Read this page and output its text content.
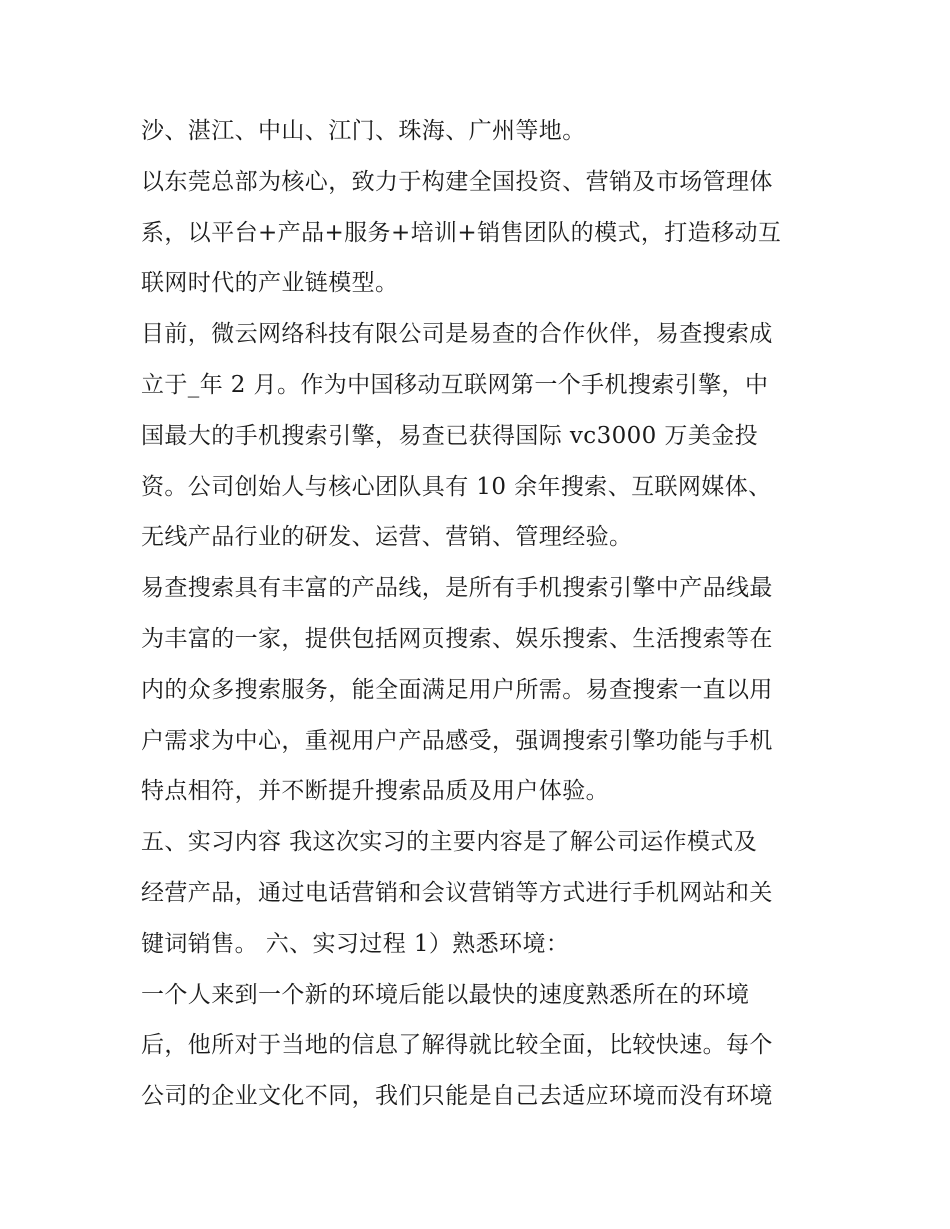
沙、湛江、中山、江门、珠海、广州等地。
以东莞总部为核心，致力于构建全国投资、营销及市场管理体
系，以平台+产品+服务+培训+销售团队的模式，打造移动互
联网时代的产业链模型。
目前，微云网络科技有限公司是易查的合作伙伴，易查搜索成
立于_年 2 月。作为中国移动互联网第一个手机搜索引擎，中
国最大的手机搜索引擎，易查已获得国际 vc3000 万美金投
资。公司创始人与核心团队具有 10 余年搜索、互联网媒体、
无线产品行业的研发、运营、营销、管理经验。
易查搜索具有丰富的产品线，是所有手机搜索引擎中产品线最
为丰富的一家，提供包括网页搜索、娱乐搜索、生活搜索等在
内的众多搜索服务，能全面满足用户所需。易查搜索一直以用
户需求为中心，重视用户产品感受，强调搜索引擎功能与手机
特点相符，并不断提升搜索品质及用户体验。
五、实习内容 我这次实习的主要内容是了解公司运作模式及
经营产品，通过电话营销和会议营销等方式进行手机网站和关
键词销售。 六、实习过程 1）熟悉环境：
一个人来到一个新的环境后能以最快的速度熟悉所在的环境
后，他所对于当地的信息了解得就比较全面，比较快速。每个
公司的企业文化不同，我们只能是自己去适应环境而没有环境
